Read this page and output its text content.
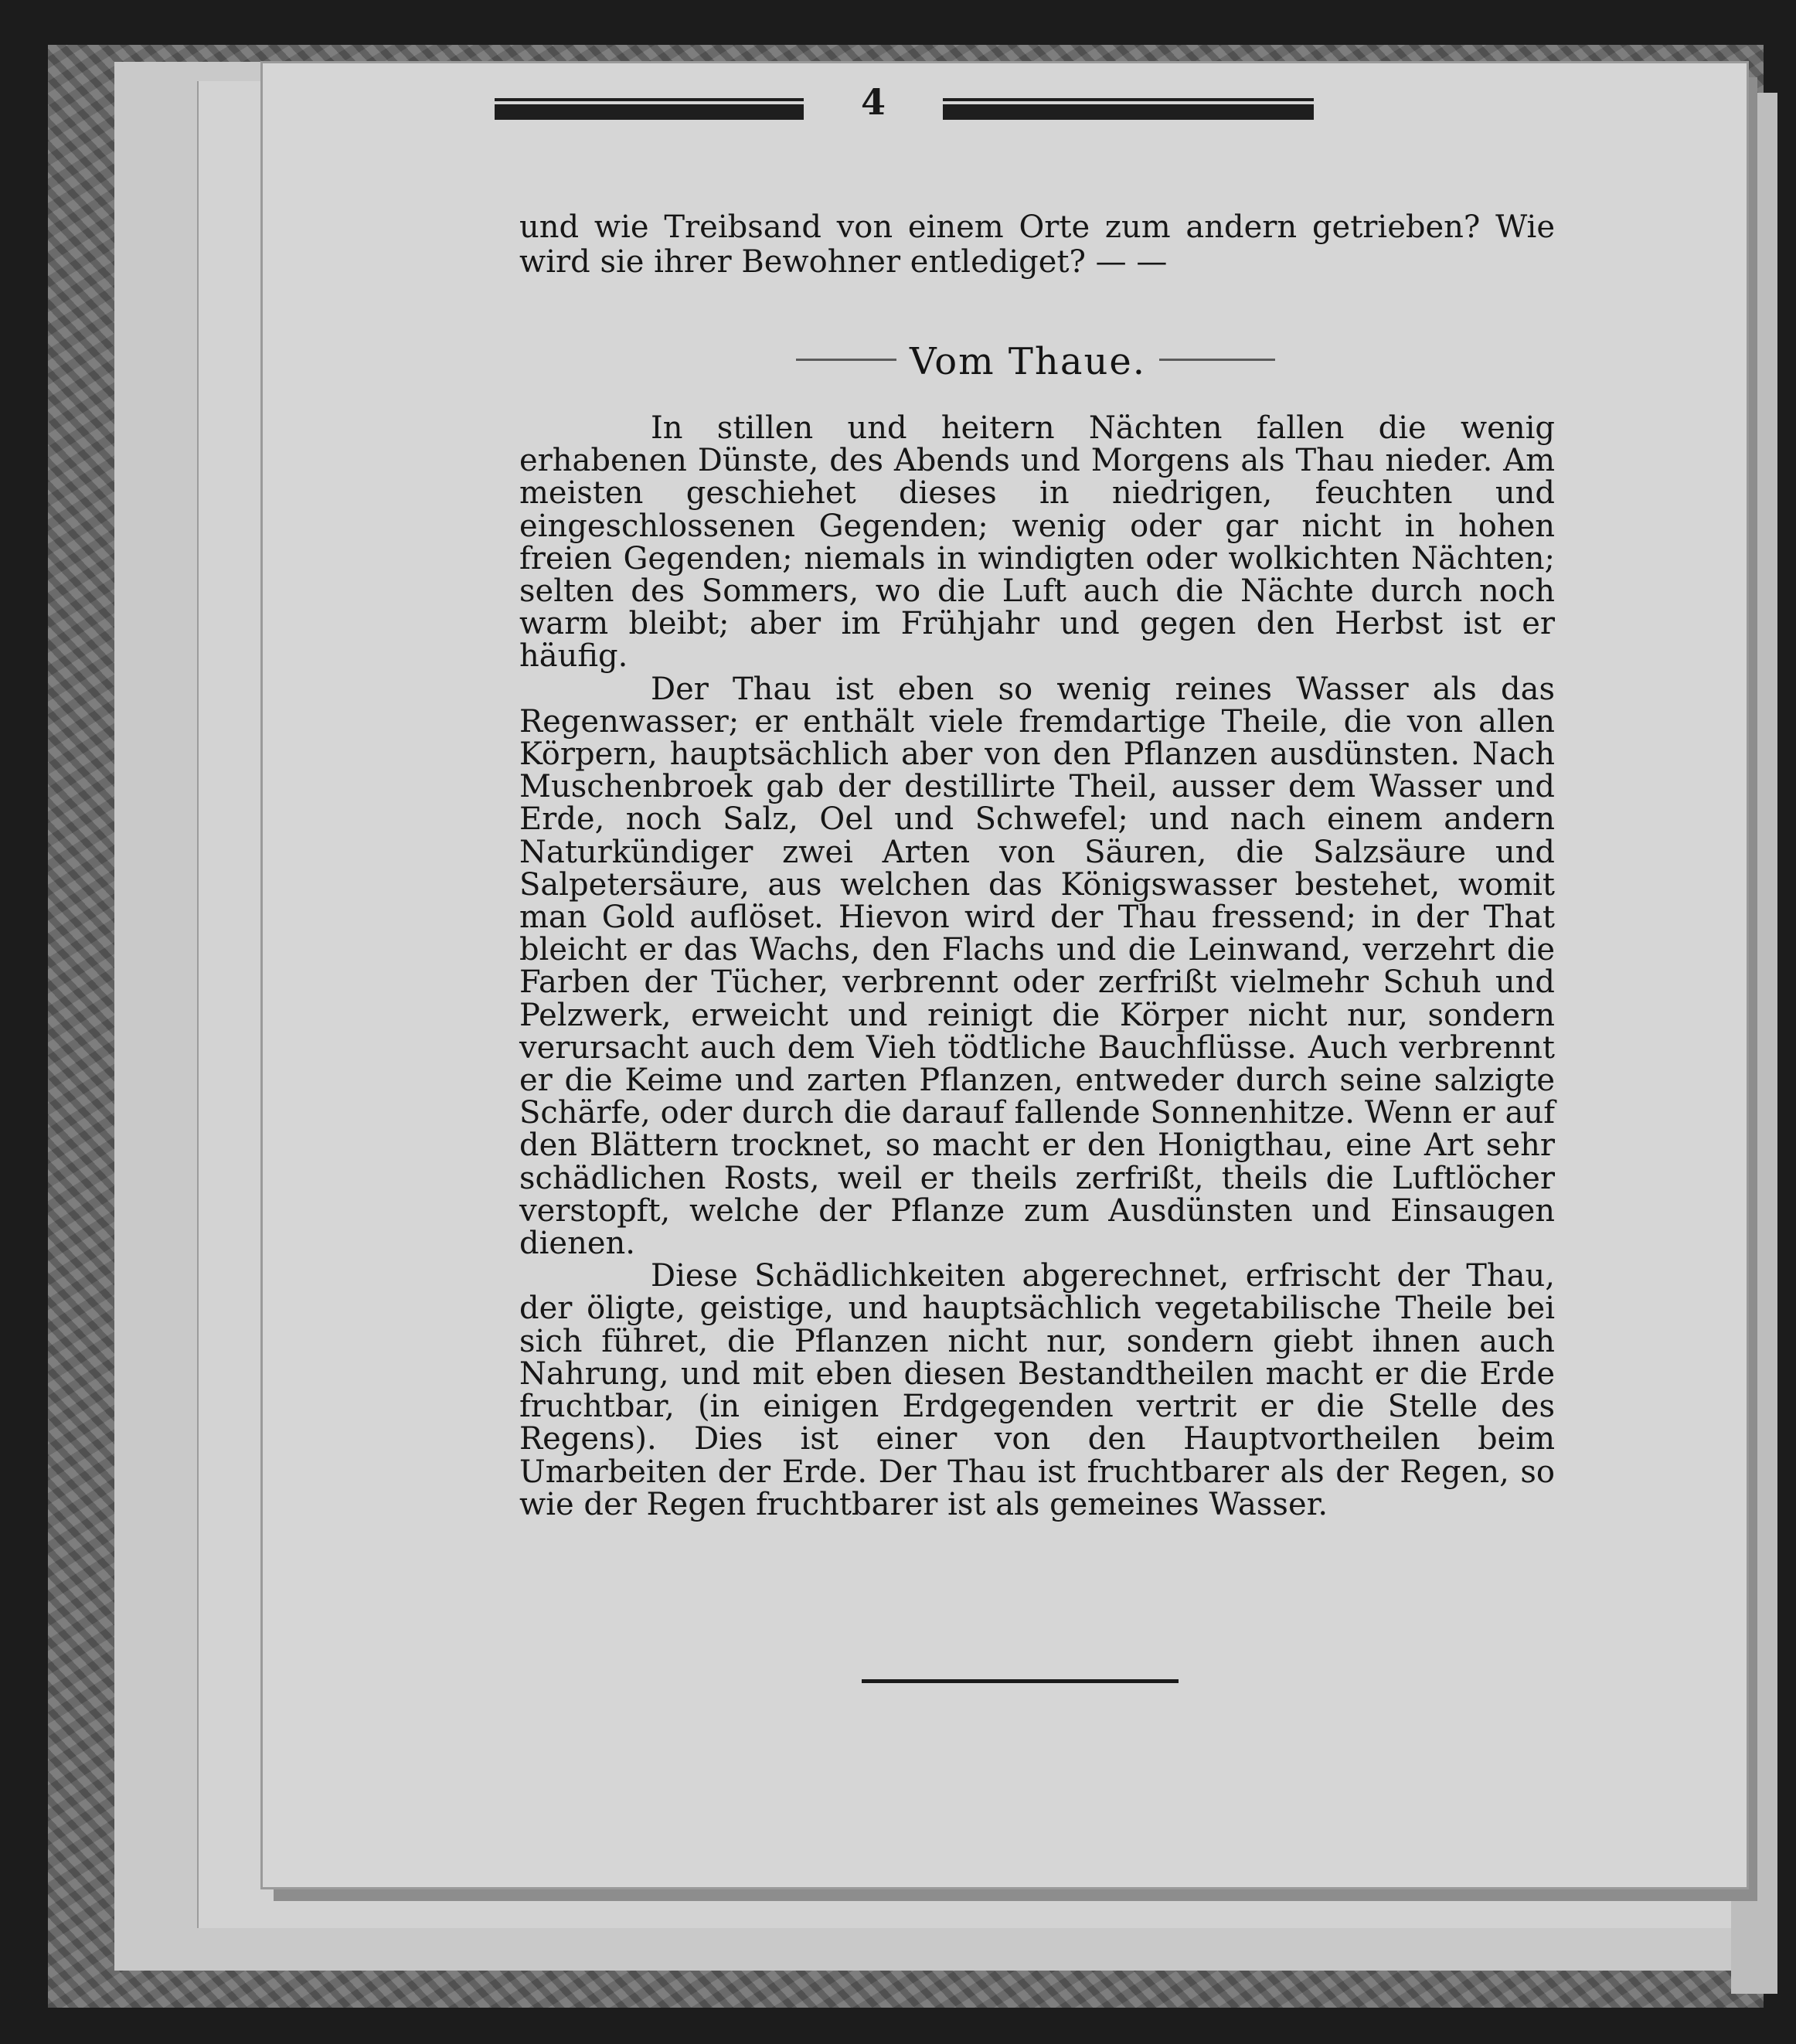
4

und wie Treibsand von einem Orte zum andern getrieben? Wie wird sie ihrer Bewohner entlediget? — —

Vom Thaue.

In stillen und heitern Nächten fallen die wenig erhabenen Dünste, des Abends und Morgens als Thau nieder. Am meisten geschiehet dieses in niedrigen, feuchten und eingeschlossenen Gegenden; wenig oder gar nicht in hohen freien Gegenden; niemals in windigten oder wolkichten Nächten; selten des Sommers, wo die Luft auch die Nächte durch noch warm bleibt; aber im Frühjahr und gegen den Herbst ist er häufig.

Der Thau ist eben so wenig reines Wasser als das Regenwasser; er enthält viele fremdartige Theile, die von allen Körpern, hauptsächlich aber von den Pflanzen ausdünsten. Nach Muschenbroek gab der destillirte Theil, ausser dem Wasser und Erde, noch Salz, Oel und Schwefel; und nach einem andern Naturkündiger zwei Arten von Säuren, die Salzsäure und Salpetersäure, aus welchen das Königswasser bestehet, womit man Gold auflöset. Hievon wird der Thau fressend; in der That bleicht er das Wachs, den Flachs und die Leinwand, verzehrt die Farben der Tücher, verbrennt oder zerfrißt vielmehr Schuh und Pelzwerk, erweicht und reinigt die Körper nicht nur, sondern verursacht auch dem Vieh tödtliche Bauchflüsse. Auch verbrennt er die Keime und zarten Pflanzen, entweder durch seine salzigte Schärfe, oder durch die darauf fallende Sonnenhitze. Wenn er auf den Blättern trocknet, so macht er den Honigthau, eine Art sehr schädlichen Rosts, weil er theils zerfrißt, theils die Luftlöcher verstopft, welche der Pflanze zum Ausdünsten und Einsaugen dienen.

Diese Schädlichkeiten abgerechnet, erfrischt der Thau, der öligte, geistige, und hauptsächlich vegetabilische Theile bei sich führet, die Pflanzen nicht nur, sondern giebt ihnen auch Nahrung, und mit eben diesen Bestandtheilen macht er die Erde fruchtbar, (in einigen Erdgegenden vertrit er die Stelle des Regens). Dies ist einer von den Hauptvortheilen beim Umarbeiten der Erde. Der Thau ist fruchtbarer als der Regen, so wie der Regen fruchtbarer ist als gemeines Wasser.
